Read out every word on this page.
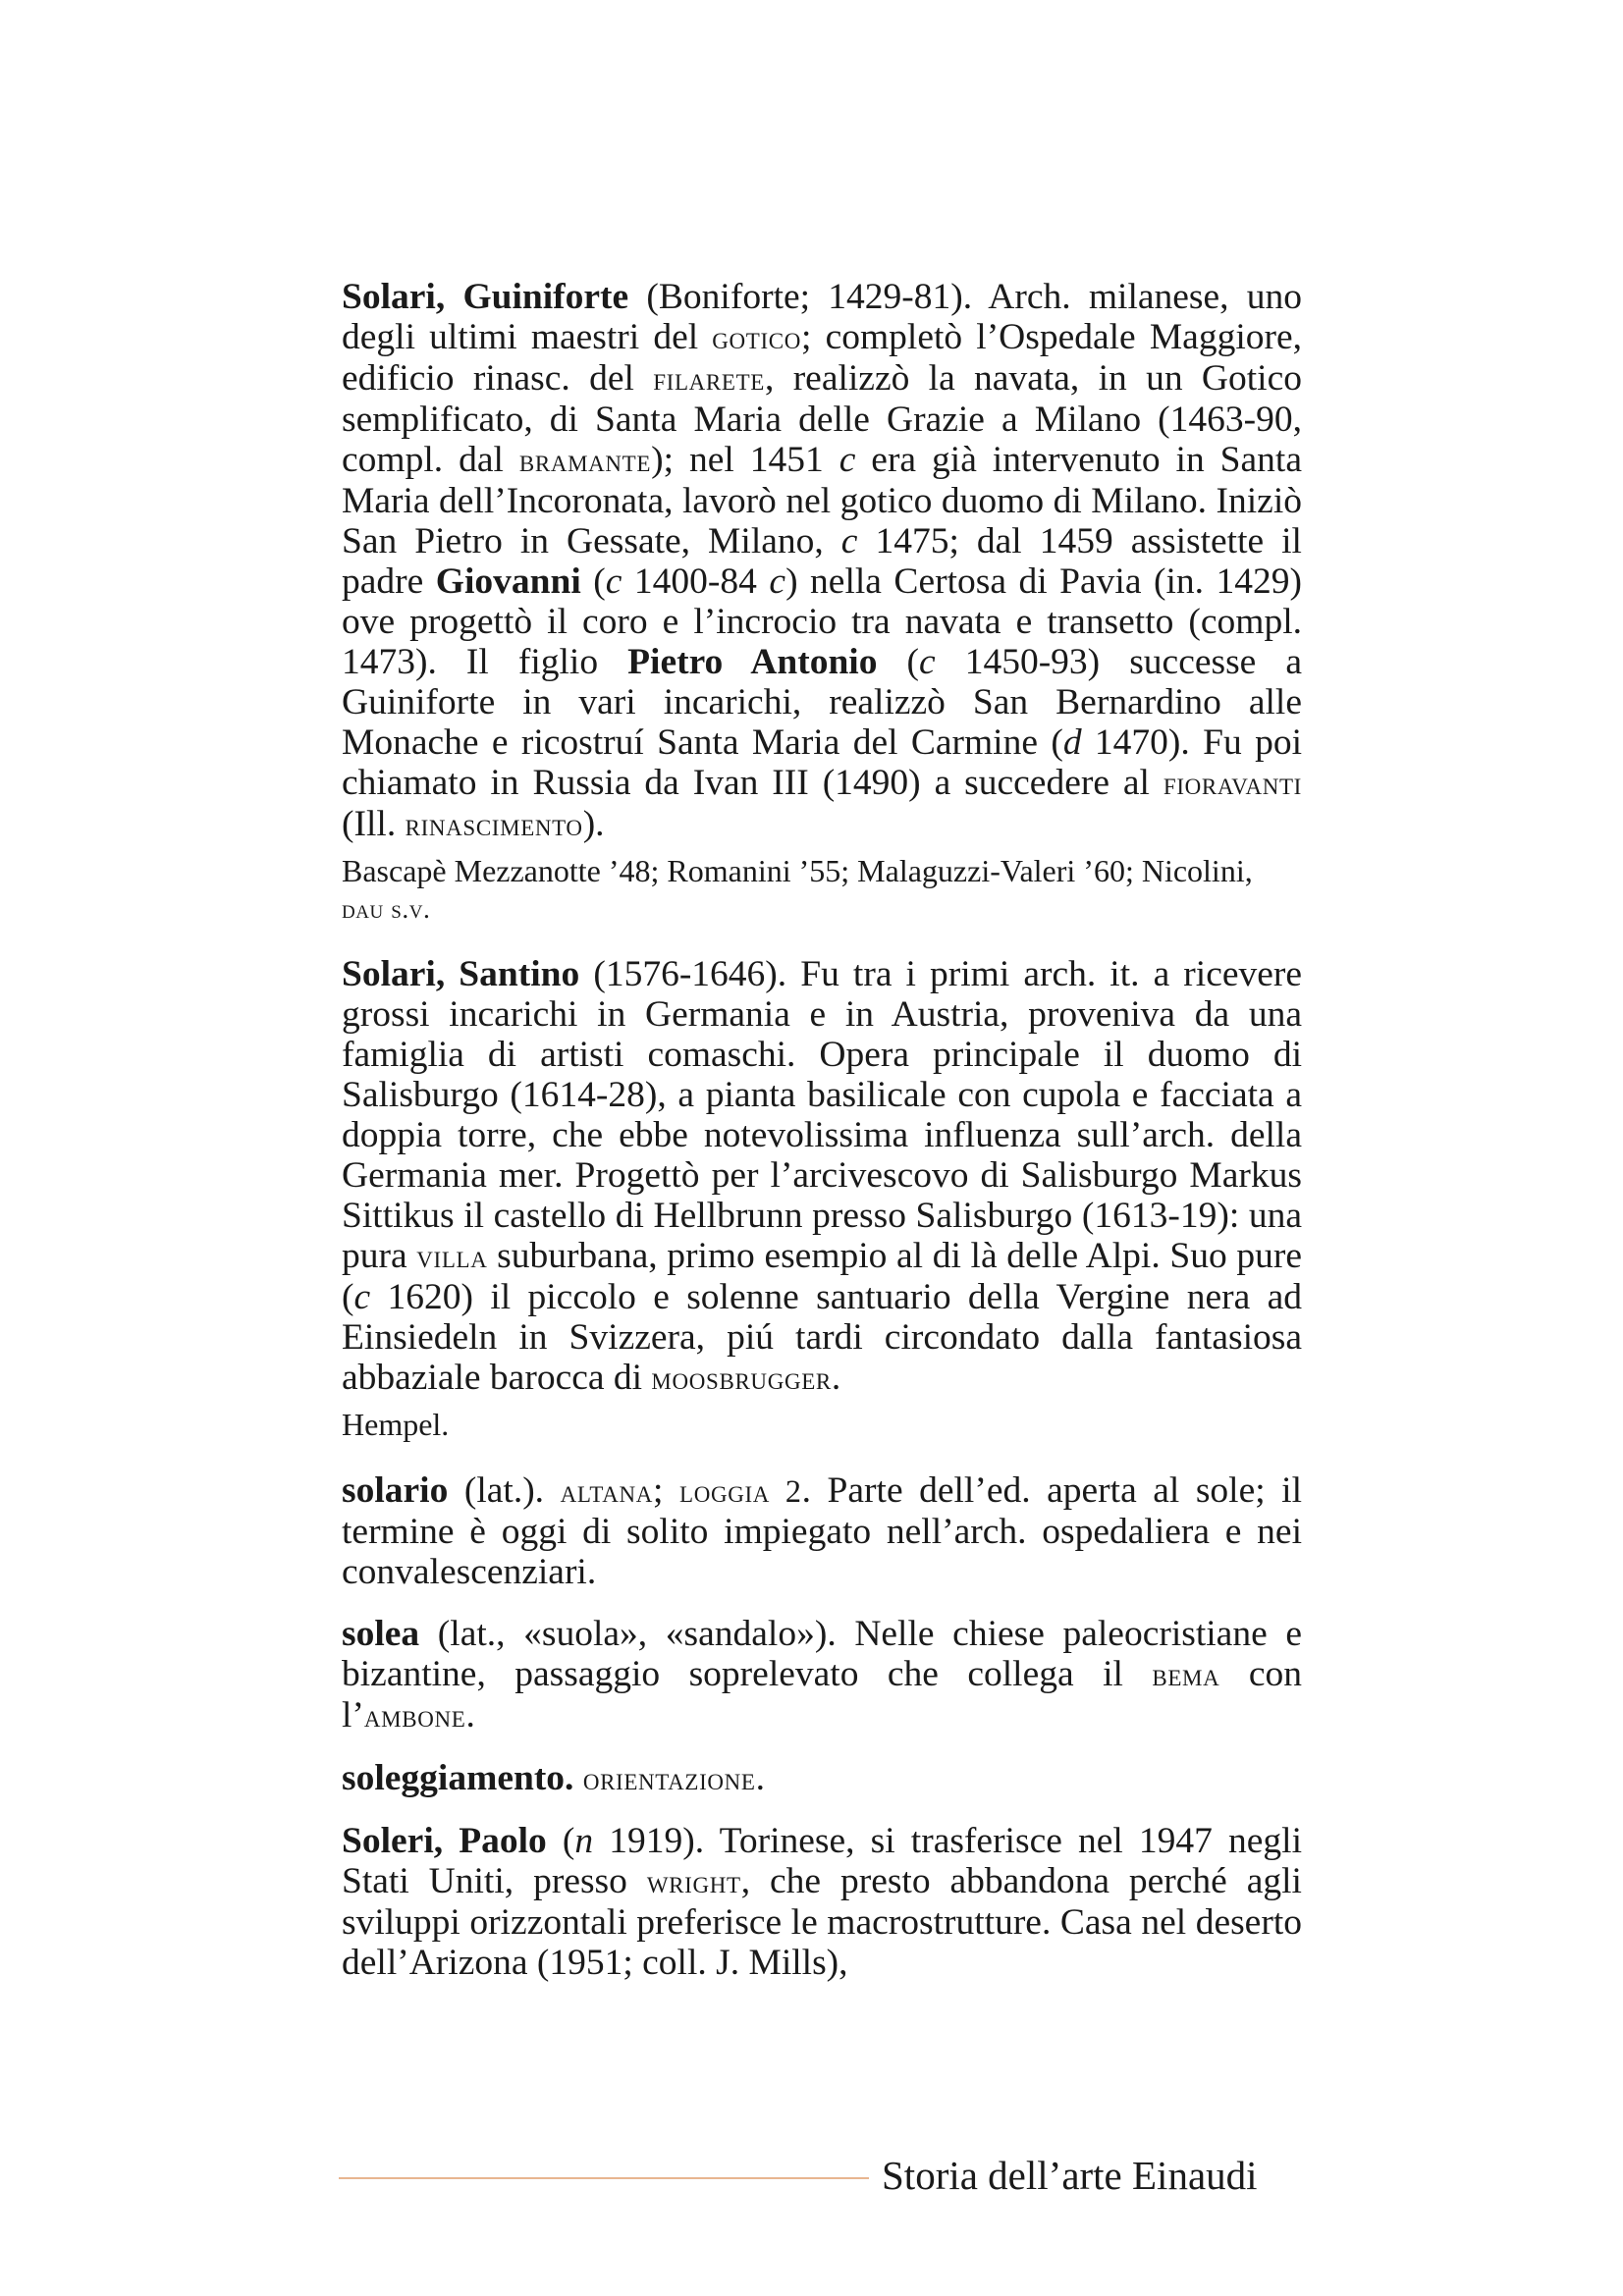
Solari, Guiniforte (Boniforte; 1429-81). Arch. milanese, uno degli ultimi maestri del gotico; completò l’Ospedale Maggiore, edificio rinasc. del filarete, realizzò la navata, in un Gotico semplificato, di Santa Maria delle Grazie a Milano (1463-90, compl. dal bramante); nel 1451 c era già intervenuto in Santa Maria dell’Incoronata, lavorò nel gotico duomo di Milano. Iniziò San Pietro in Gessate, Milano, c 1475; dal 1459 assistette il padre Giovanni (c 1400-84 c) nella Certosa di Pavia (in. 1429) ove progettò il coro e l’incrocio tra navata e transetto (compl. 1473). Il figlio Pietro Antonio (c 1450-93) successe a Guiniforte in vari incarichi, realizzò San Bernardino alle Monache e ricostruí Santa Maria del Carmine (d 1470). Fu poi chiamato in Russia da Ivan III (1490) a succedere al fioravanti (Ill. rinascimento).

Bascapè Mezzanotte ’48; Romanini ’55; Malaguzzi-Valeri ’60; Nicolini, dau s.v.

Solari, Santino (1576-1646). Fu tra i primi arch. it. a ricevere grossi incarichi in Germania e in Austria, proveniva da una famiglia di artisti comaschi. Opera principale il duomo di Salisburgo (1614-28), a pianta basilicale con cupola e facciata a doppia torre, che ebbe notevolissima influenza sull’arch. della Germania mer. Progettò per l’arcivescovo di Salisburgo Markus Sittikus il castello di Hellbrunn presso Salisburgo (1613-19): una pura villa suburbana, primo esempio al di là delle Alpi. Suo pure (c 1620) il piccolo e solenne santuario della Vergine nera ad Einsiedeln in Svizzera, piú tardi circondato dalla fantasiosa abbaziale barocca di moosbrugger.

Hempel.

solario (lat.). altana; loggia 2. Parte dell’ed. aperta al sole; il termine è oggi di solito impiegato nell’arch. ospedaliera e nei convalescenziari.

solea (lat., «suola», «sandalo»). Nelle chiese paleocristiane e bizantine, passaggio soprelevato che collega il bema con l’ambone.

soleggiamento. orientazione.

Soleri, Paolo (n 1919). Torinese, si trasferisce nel 1947 negli Stati Uniti, presso wright, che presto abbandona perché agli sviluppi orizzontali preferisce le macrostrutture. Casa nel deserto dell’Arizona (1951; coll. J. Mills),

Storia dell’arte Einaudi
